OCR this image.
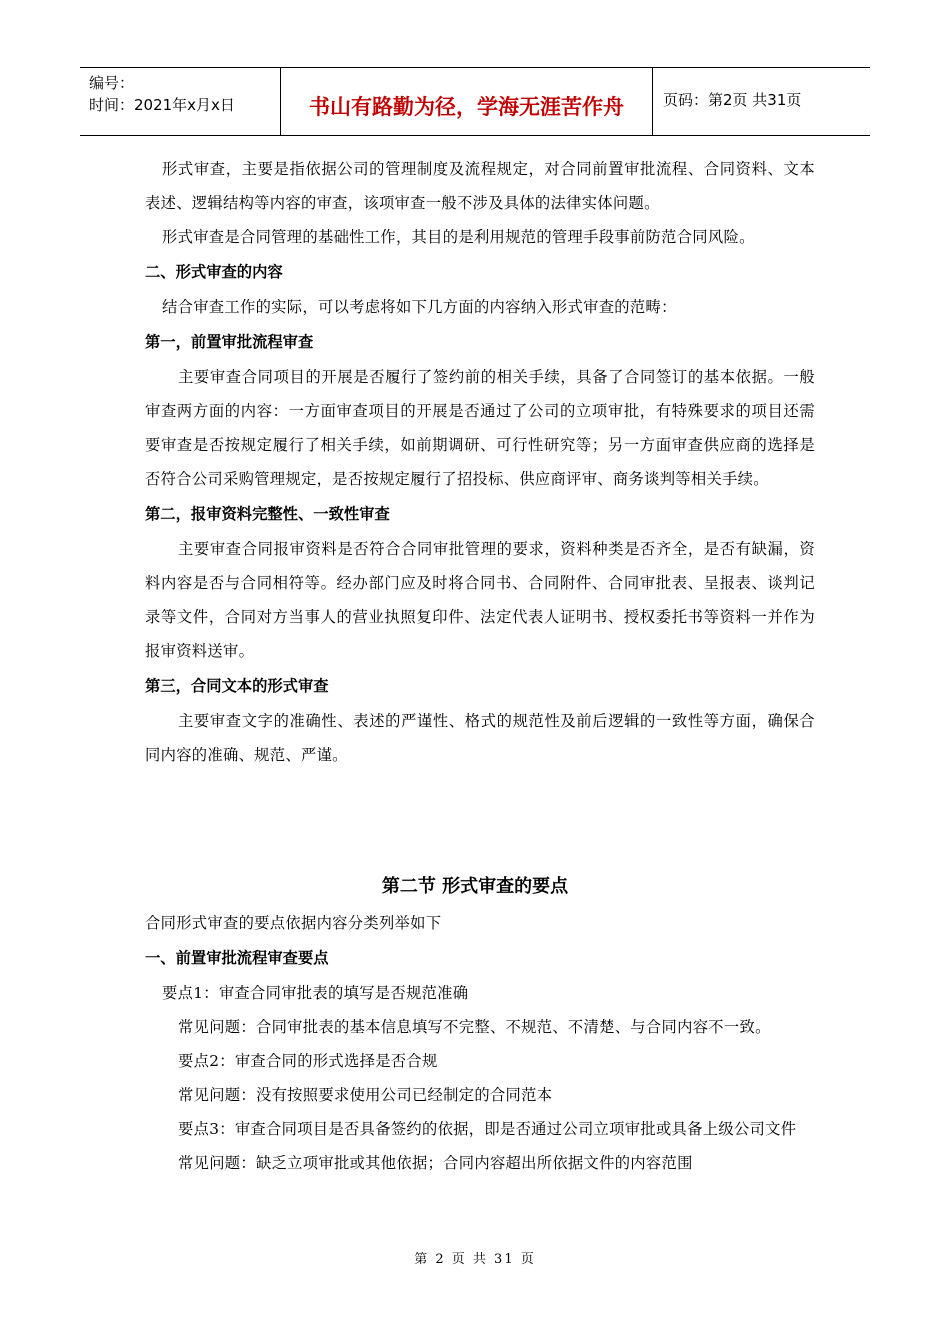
编号：
时间：2021年x月x日	书山有路勤为径，学海无涯苦作舟	页码：第2页 共31页

形式审查，主要是指依据公司的管理制度及流程规定，对合同前置审批流程、合同资料、文本表述、逻辑结构等内容的审查，该项审查一般不涉及具体的法律实体问题。

形式审查是合同管理的基础性工作，其目的是利用规范的管理手段事前防范合同风险。

二、形式审查的内容

结合审查工作的实际，可以考虑将如下几方面的内容纳入形式审查的范畴：

第一，前置审批流程审查

主要审查合同项目的开展是否履行了签约前的相关手续，具备了合同签订的基本依据。一般审查两方面的内容：一方面审查项目的开展是否通过了公司的立项审批，有特殊要求的项目还需要审查是否按规定履行了相关手续，如前期调研、可行性研究等；另一方面审查供应商的选择是否符合公司采购管理规定，是否按规定履行了招投标、供应商评审、商务谈判等相关手续。

第二，报审资料完整性、一致性审查

主要审查合同报审资料是否符合合同审批管理的要求，资料种类是否齐全，是否有缺漏，资料内容是否与合同相符等。经办部门应及时将合同书、合同附件、合同审批表、呈报表、谈判记录等文件，合同对方当事人的营业执照复印件、法定代表人证明书、授权委托书等资料一并作为报审资料送审。

第三，合同文本的形式审查

主要审查文字的准确性、表述的严谨性、格式的规范性及前后逻辑的一致性等方面，确保合同内容的准确、规范、严谨。

第二节 形式审查的要点

合同形式审查的要点依据内容分类列举如下

一、前置审批流程审查要点

要点1：审查合同审批表的填写是否规范准确

常见问题：合同审批表的基本信息填写不完整、不规范、不清楚、与合同内容不一致。

要点2：审查合同的形式选择是否合规

常见问题：没有按照要求使用公司已经制定的合同范本

要点3：审查合同项目是否具备签约的依据，即是否通过公司立项审批或具备上级公司文件

常见问题：缺乏立项审批或其他依据；合同内容超出所依据文件的内容范围

第 2 页 共 31 页
